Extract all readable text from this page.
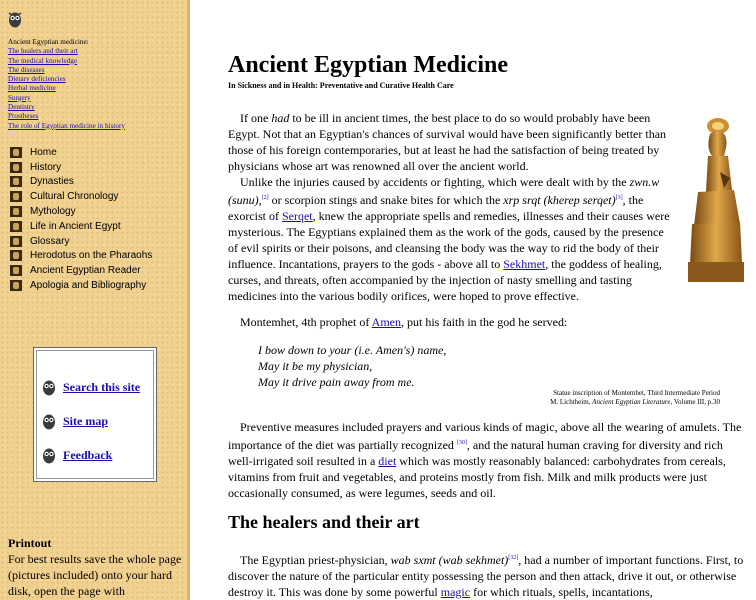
Ancient Egyptian medicine:
The healers and their art
The medical knowledge
The diseases
Dietary deficiencies
Herbal medicine
Surgery
Dentistry
Prostheses
The role of Egyptian medicine in history
Home
History
Dynasties
Cultural Chronology
Mythology
Life in Ancient Egypt
Glossary
Herodotus on the Pharaohs
Ancient Egyptian Reader
Apologia and Bibliography
Search this site
Site map
Feedback
Printout
For best results save the whole page (pictures included) onto your hard disk, open the page with
Ancient Egyptian Medicine
In Sickness and in Health: Preventative and Curative Health Care
If one had to be ill in ancient times, the best place to do so would probably have been Egypt. Not that an Egyptian's chances of survival would have been significantly better than those of his foreign contemporaries, but at least he had the satisfaction of being treated by physicians whose art was renowned all over the ancient world.
Unlike the injuries caused by accidents or fighting, which were dealt with by the zwn.w (sunu),[2] or scorpion stings and snake bites for which the xrp srqt (kherep serqet)[3], the exorcist of Serqet, knew the appropriate spells and remedies, illnesses and their causes were mysterious. The Egyptians explained them as the work of the gods, caused by the presence of evil spirits or their poisons, and cleansing the body was the way to rid the body of their influence. Incantations, prayers to the gods - above all to Sekhmet, the goddess of healing, curses, and threats, often accompanied by the injection of nasty smelling and tasting medicines into the various bodily orifices, were hoped to prove effective.
Montemhet, 4th prophet of Amen, put his faith in the god he served:
I bow down to your (i.e. Amen's) name,
May it be my physician,
May it drive pain away from me.
Statue inscription of Montemhet, Third Intermediate Period
M. Lichtheim, Ancient Egyptian Literature, Volume III, p.30
Preventive measures included prayers and various kinds of magic, above all the wearing of amulets. The importance of the diet was partially recognized [30], and the natural human craving for diversity and rich well-irrigated soil resulted in a diet which was mostly reasonably balanced: carbohydrates from cereals, vitamins from fruit and vegetables, and proteins mostly from fish. Milk and milk products were just occasionally consumed, as were legumes, seeds and oil.
The healers and their art
The Egyptian priest-physician, wab sxmt (wab sekhmet)[32], had a number of important functions. First, to discover the nature of the particular entity possessing the person and then attack, drive it out, or otherwise destroy it. This was done by some powerful magic for which rituals, spells, incantations,
